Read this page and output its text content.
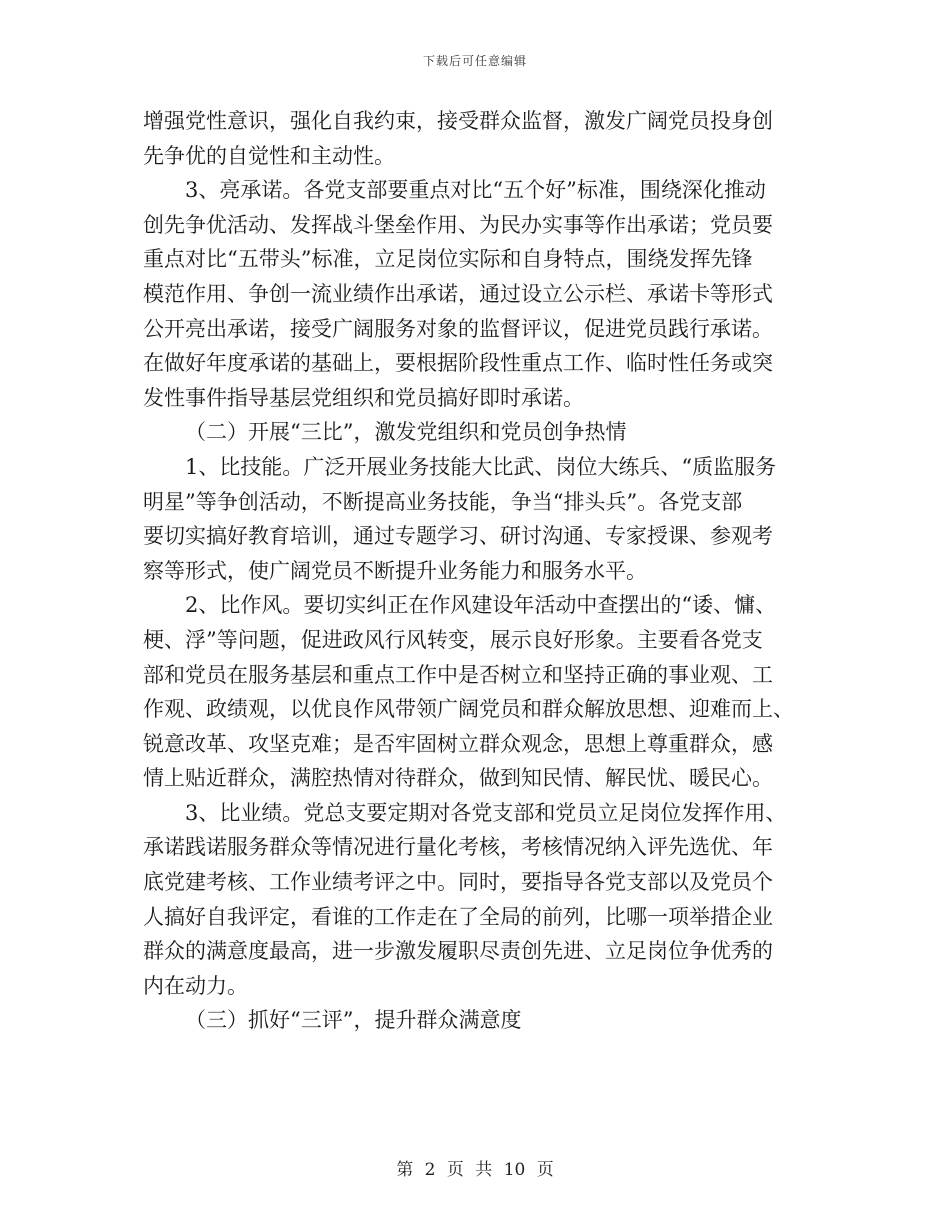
下载后可任意编辑
增强党性意识，强化自我约束，接受群众监督，激发广阔党员投身创
先争优的自觉性和主动性。
3、亮承诺。各党支部要重点对比“五个好”标准，围绕深化推动
创先争优活动、发挥战斗堡垒作用、为民办实事等作出承诺；党员要
重点对比“五带头”标准，立足岗位实际和自身特点，围绕发挥先锋
模范作用、争创一流业绩作出承诺，通过设立公示栏、承诺卡等形式
公开亮出承诺，接受广阔服务对象的监督评议，促进党员践行承诺。
在做好年度承诺的基础上，要根据阶段性重点工作、临时性任务或突
发性事件指导基层党组织和党员搞好即时承诺。
（二）开展“三比”，激发党组织和党员创争热情
1、比技能。广泛开展业务技能大比武、岗位大练兵、“质监服务
明星”等争创活动，不断提高业务技能，争当“排头兵”。各党支部
要切实搞好教育培训，通过专题学习、研讨沟通、专家授课、参观考
察等形式，使广阔党员不断提升业务能力和服务水平。
2、比作风。要切实纠正在作风建设年活动中查摆出的“诿、慵、
梗、浮”等问题，促进政风行风转变，展示良好形象。主要看各党支
部和党员在服务基层和重点工作中是否树立和坚持正确的事业观、工
作观、政绩观，以优良作风带领广阔党员和群众解放思想、迎难而上、
锐意改革、攻坚克难；是否牢固树立群众观念，思想上尊重群众，感
情上贴近群众，满腔热情对待群众，做到知民情、解民忧、暖民心。
3、比业绩。党总支要定期对各党支部和党员立足岗位发挥作用、
承诺践诺服务群众等情况进行量化考核，考核情况纳入评先选优、年
底党建考核、工作业绩考评之中。同时，要指导各党支部以及党员个
人搞好自我评定，看谁的工作走在了全局的前列，比哪一项举措企业
群众的满意度最高，进一步激发履职尽责创先进、立足岗位争优秀的
内在动力。
（三）抓好“三评”，提升群众满意度
第 2 页 共 10 页
